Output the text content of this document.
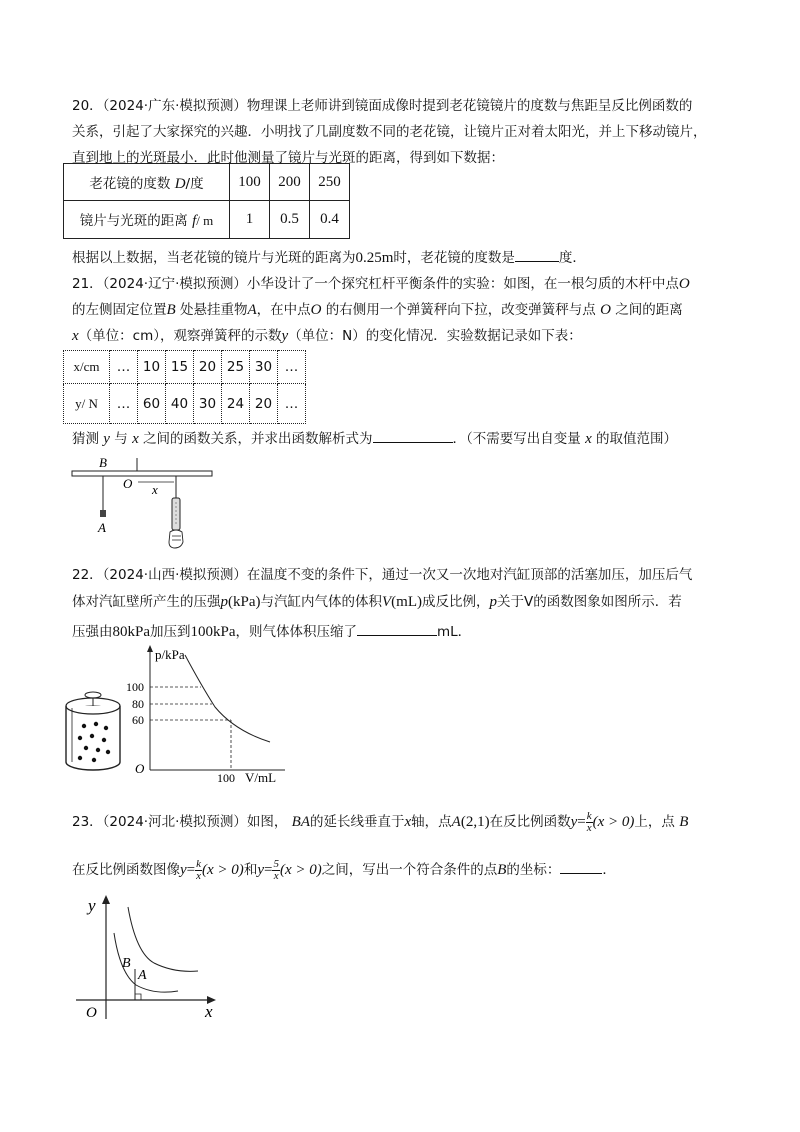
20．（2024·广东·模拟预测）物理课上老师讲到镜面成像时提到老花镜镜片的度数与焦距呈反比例函数的
关系，引起了大家探究的兴趣．小明找了几副度数不同的老花镜，让镜片正对着太阳光，并上下移动镜片，
直到地上的光斑最小．此时他测量了镜片与光斑的距离，得到如下数据：
老花镜的度数 D/度	100	200	250
镜片与光斑的距离 f/ m	1	0.5	0.4
根据以上数据，当老花镜的镜片与光斑的距离为0.25m时，老花镜的度数是	度．
21．（2024·辽宁·模拟预测）小华设计了一个探究杠杆平衡条件的实验：如图，在一根匀质的木杆中点O
的左侧固定位置B 处悬挂重物A，在中点O 的右侧用一个弹簧秤向下拉，改变弹簧秤与点 O 之间的距离
x（单位：cm），观察弹簧秤的示数y（单位：N）的变化情况．实验数据记录如下表：
x/cm	…	10	15	20	25	30	…
y/ N	…	60	40	30	24	20	…
猜测 y 与 x 之间的函数关系，并求出函数解析式为	．（不需要写出自变量 x 的取值范围）
B
A
O x
22．（2024·山西·模拟预测）在温度不变的条件下，通过一次又一次地对汽缸顶部的活塞加压，加压后气
体对汽缸壁所产生的压强p(kPa)与汽缸内气体的体积V(mL)成反比例，p关于V的函数图象如图所示．若
压强由80kPa加压到100kPa，则气体体积压缩了	mL．
p/kPa
V/mL
O
100
80
60
100
23．（2024·河北·模拟预测）如图， BA的延长线垂直于x轴，点A(2,1)在反比例函数$y= \frac{k}{x} (x > 0)$上，点 B
在反比例函数图像$y= \frac{k}{x} (x > 0)$和$y= \frac{5}{x} (x > 0)$之间，写出一个符合条件的点B的坐标：	．
y
x
O
B
A
